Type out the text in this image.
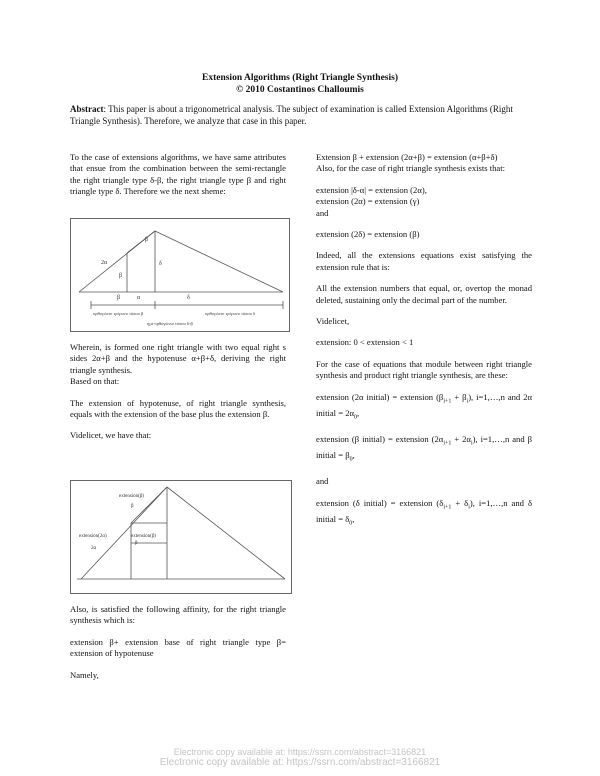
Extension Algorithms (Right Triangle Synthesis)
© 2010 Costantinos Challoumis
Abstract: This paper is about a trigonometrical analysis. The subject of examination is called Extension Algorithms (Right Triangle Synthesis). Therefore, we analyze that case in this paper.

To the case of extensions algorithms, we have same attributes that ensue from the combination between the semi-rectangle the right triangle type δ-β, the right triangle type β and right triangle type δ. Therefore we the next sheme:

β
2α
β
δ
β	α	δ
ορθογώνιο τρίγωνο τύπου β	ορθογώνιο τρίγωνο τύπου δ
ημι-ορθογώνιο τύπου δ-β

Wherein, is formed one right triangle with two equal right s sides 2α+β and the hypotenuse α+β+δ, deriving the right triangle synthesis.

Based on that:

The extension of hypotenuse, of right triangle synthesis, equals with the extension of the base plus the extension β.

Videlicet, we have that:

extension(β)
β
extension(2α)
2α
extension(β)
β

Also, is satisfied the following affinity, for the right triangle synthesis which is:

extension β+ extension base of right triangle type β= extension of hypotenuse

Namely,

Extension β + extension (2α+β) = extension (α+β+δ)

Also, for the case of right triangle synthesis exists that:

extension |δ-α| = extension (2α),

extension (2α) = extension (γ)

and

extension (2δ) = extension (β)

Indeed, all the extensions equations exist satisfying the extension rule that is:

All the extension numbers that equal, or, overtop the monad deleted, sustaining only the decimal part of the number.

Videlicet,

extension: 0 < extension < 1

For the case of equations that module between right triangle synthesis and product right triangle synthesis, are these:

extension (2α initial) = extension $(\beta_{i+1} + \beta_i)$, i=1,…,n and 2α initial = $2\alpha_0$,

extension (β initial) = extension $(2\alpha_{i+1} + 2\alpha_i)$, i=1,…,n and β initial = $\beta_0$,

and

extension (δ initial) = extension $(\delta_{i+1} + \delta_i)$, i=1,…,n and δ initial = $\delta_0$,

Electronic copy available at: https://ssrn.com/abstract=3166821
Electronic copy available at: https://ssrn.com/abstract=3166821
